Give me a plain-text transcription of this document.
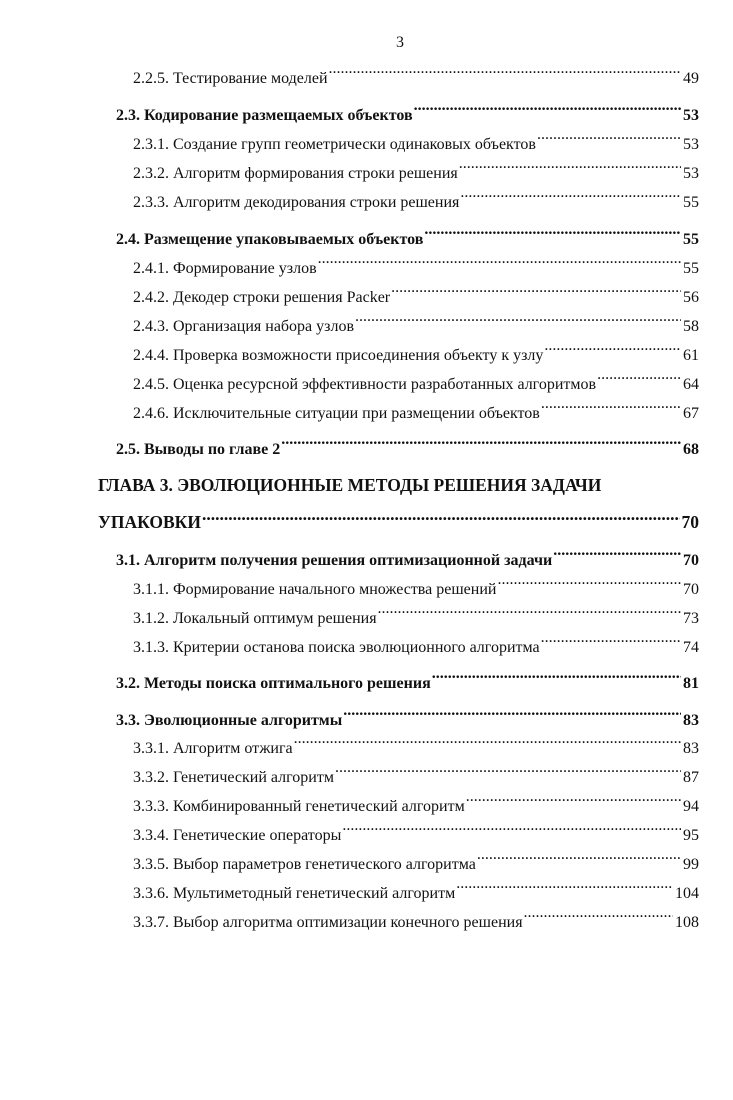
3
2.2.5. Тестирование моделей .....	49
2.3. Кодирование размещаемых объектов .....	53
2.3.1. Создание групп геометрически одинаковых объектов .....	53
2.3.2. Алгоритм формирования строки решения .....	53
2.3.3. Алгоритм декодирования строки решения .....	55
2.4. Размещение упаковываемых объектов .....	55
2.4.1. Формирование узлов .....	55
2.4.2. Декодер строки решения Packer .....	56
2.4.3. Организация набора узлов .....	58
2.4.4. Проверка возможности присоединения объекту к узлу .....	61
2.4.5. Оценка ресурсной эффективности разработанных алгоритмов .....	64
2.4.6. Исключительные ситуации при размещении объектов .....	67
2.5. Выводы по главе 2 .....	68
ГЛАВА 3. ЭВОЛЮЦИОННЫЕ МЕТОДЫ РЕШЕНИЯ ЗАДАЧИ
УПАКОВКИ .....	70
3.1. Алгоритм получения решения оптимизационной задачи .....	70
3.1.1. Формирование начального множества решений .....	70
3.1.2. Локальный оптимум решения .....	73
3.1.3. Критерии останова поиска эволюционного алгоритма .....	74
3.2. Методы поиска оптимального решения .....	81
3.3. Эволюционные алгоритмы .....	83
3.3.1. Алгоритм отжига .....	83
3.3.2. Генетический алгоритм .....	87
3.3.3. Комбинированный генетический алгоритм .....	94
3.3.4. Генетические операторы .....	95
3.3.5. Выбор параметров генетического алгоритма .....	99
3.3.6. Мультиметодный генетический алгоритм .....	104
3.3.7. Выбор алгоритма оптимизации конечного решения .....	108
